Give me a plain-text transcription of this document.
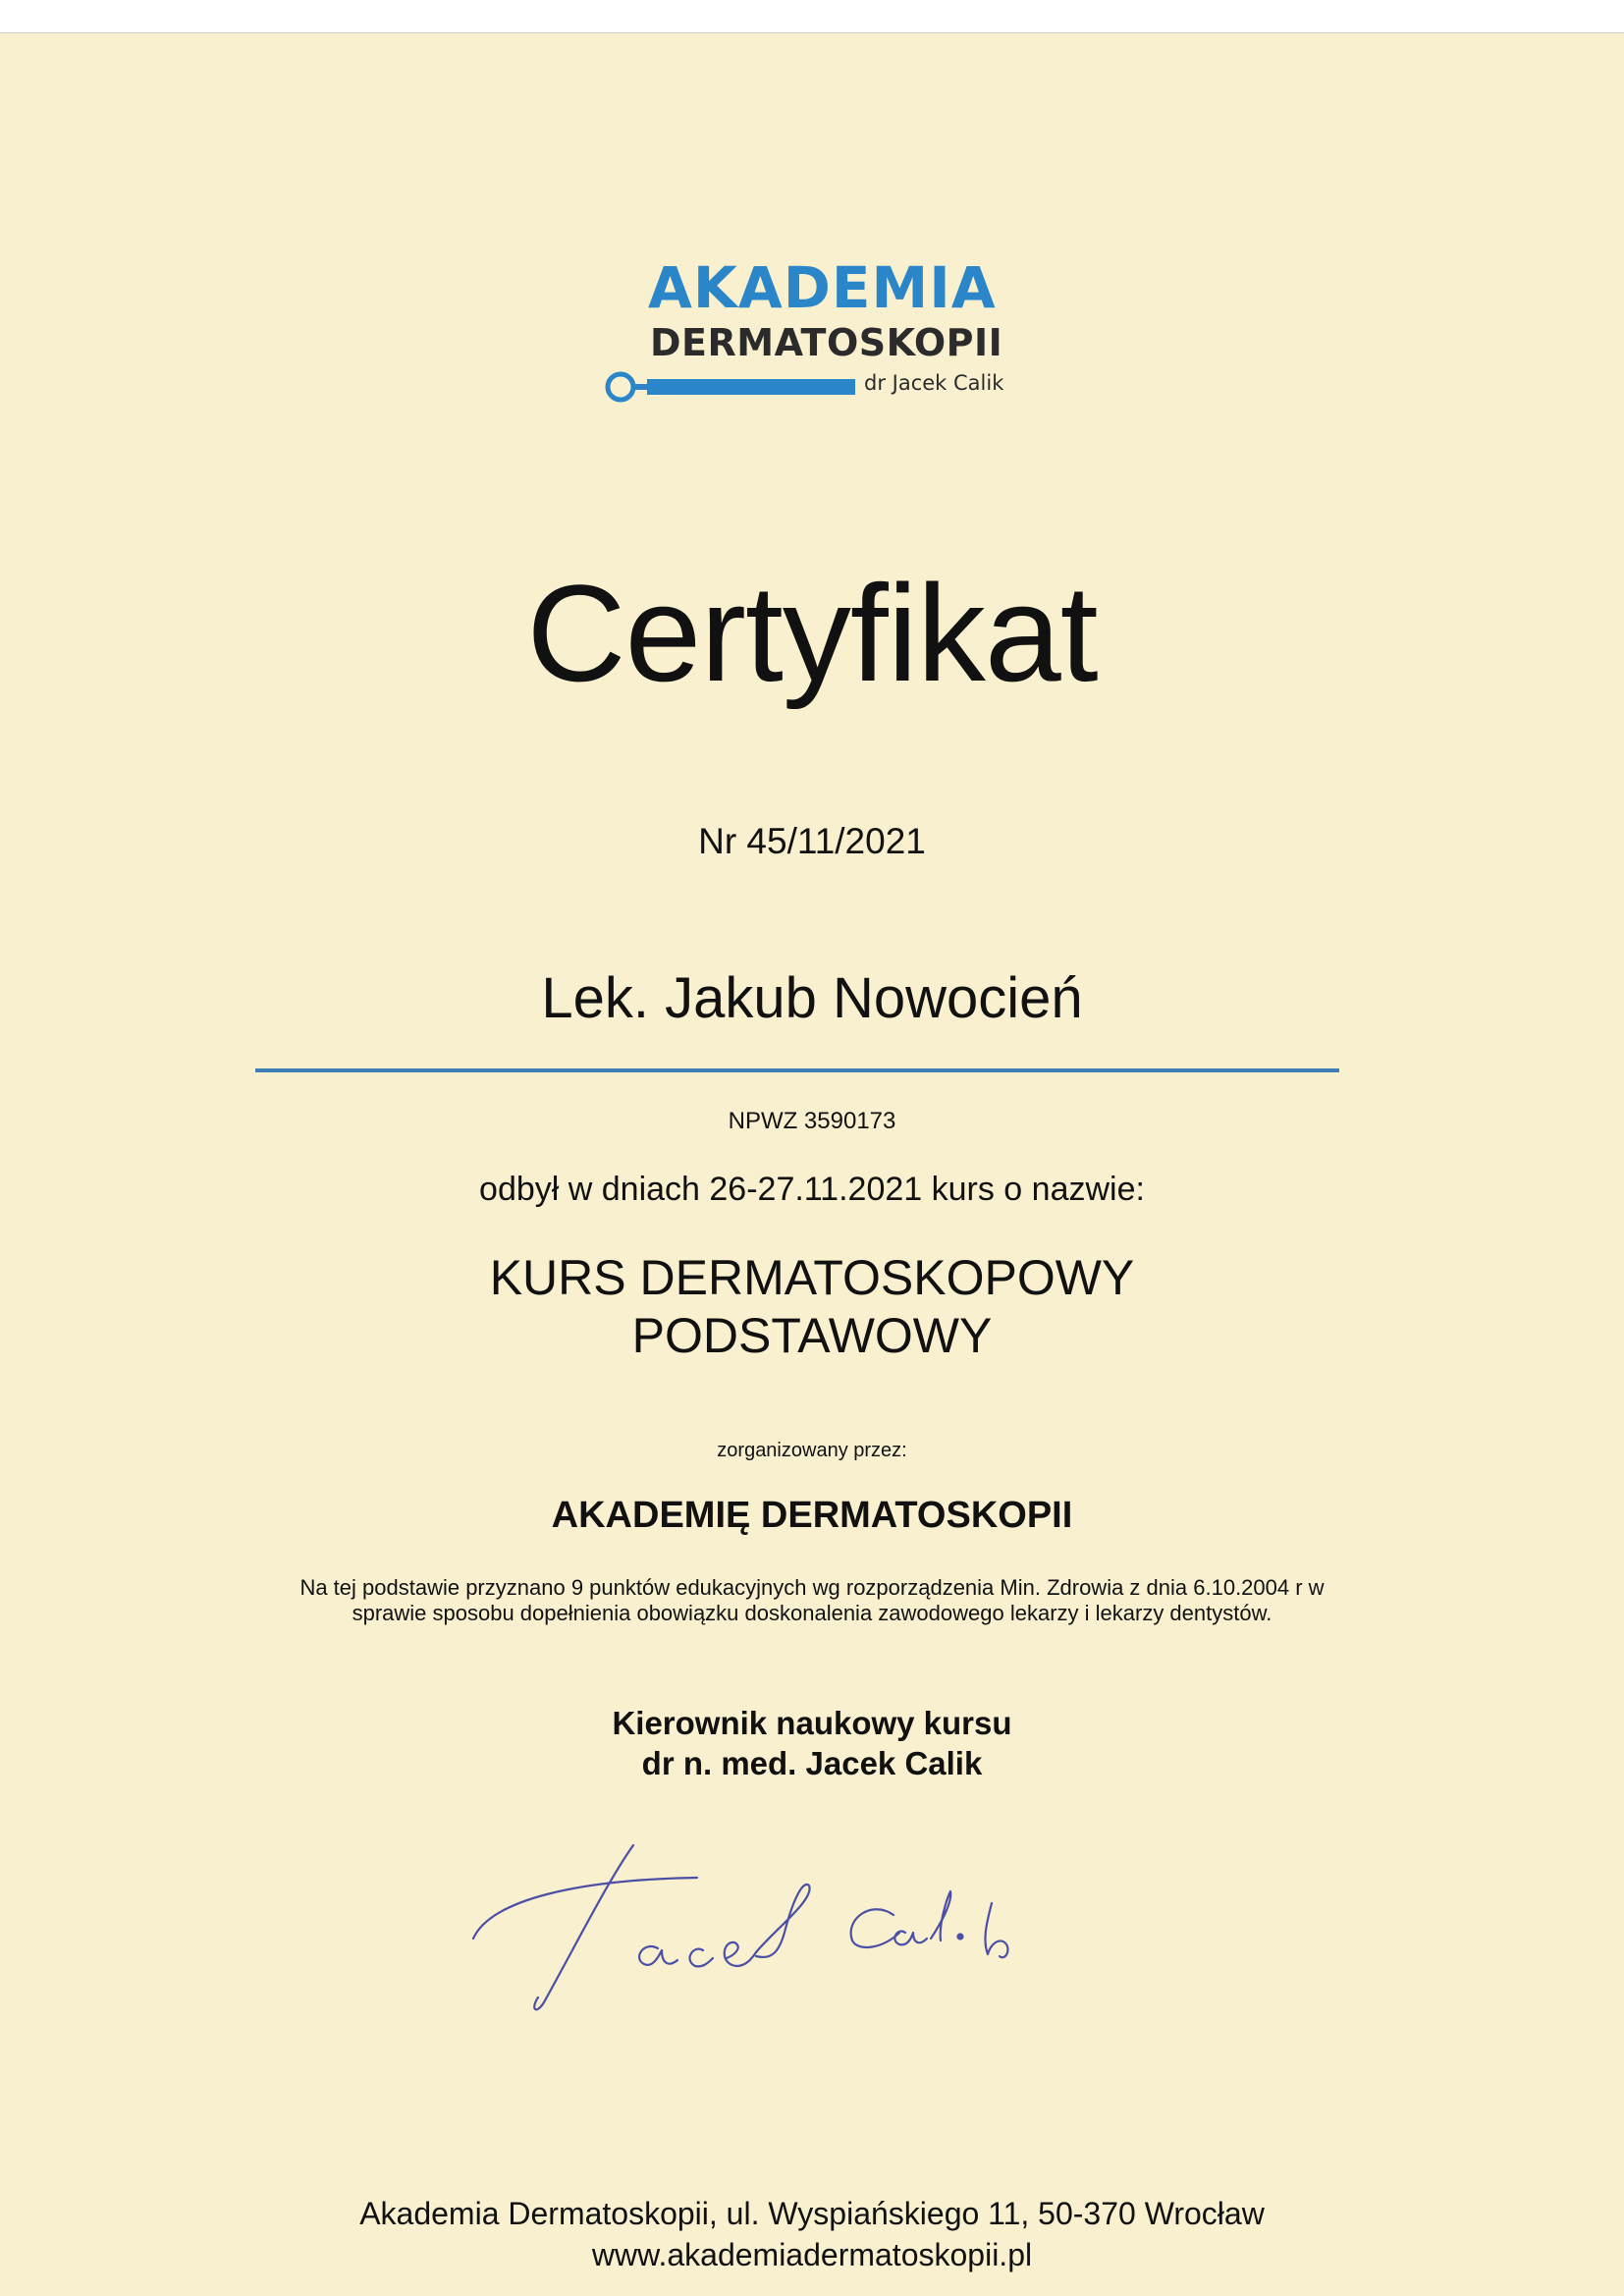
AKADEMIA
DERMATOSKOPII
dr Jacek Calik
Certyfikat
Nr 45/11/2021
Lek. Jakub Nowocień
NPWZ 3590173
odbył w dniach 26-27.11.2021 kurs o nazwie:
KURS DERMATOSKOPOWY
PODSTAWOWY
zorganizowany przez:
AKADEMIĘ DERMATOSKOPII
Na tej podstawie przyznano 9 punktów edukacyjnych wg rozporządzenia Min. Zdrowia z dnia 6.10.2004 r w
sprawie sposobu dopełnienia obowiązku doskonalenia zawodowego lekarzy i lekarzy dentystów.
Kierownik naukowy kursu
dr n. med. Jacek Calik
Akademia Dermatoskopii, ul. Wyspiańskiego 11, 50-370 Wrocław
www.akademiadermatoskopii.pl
